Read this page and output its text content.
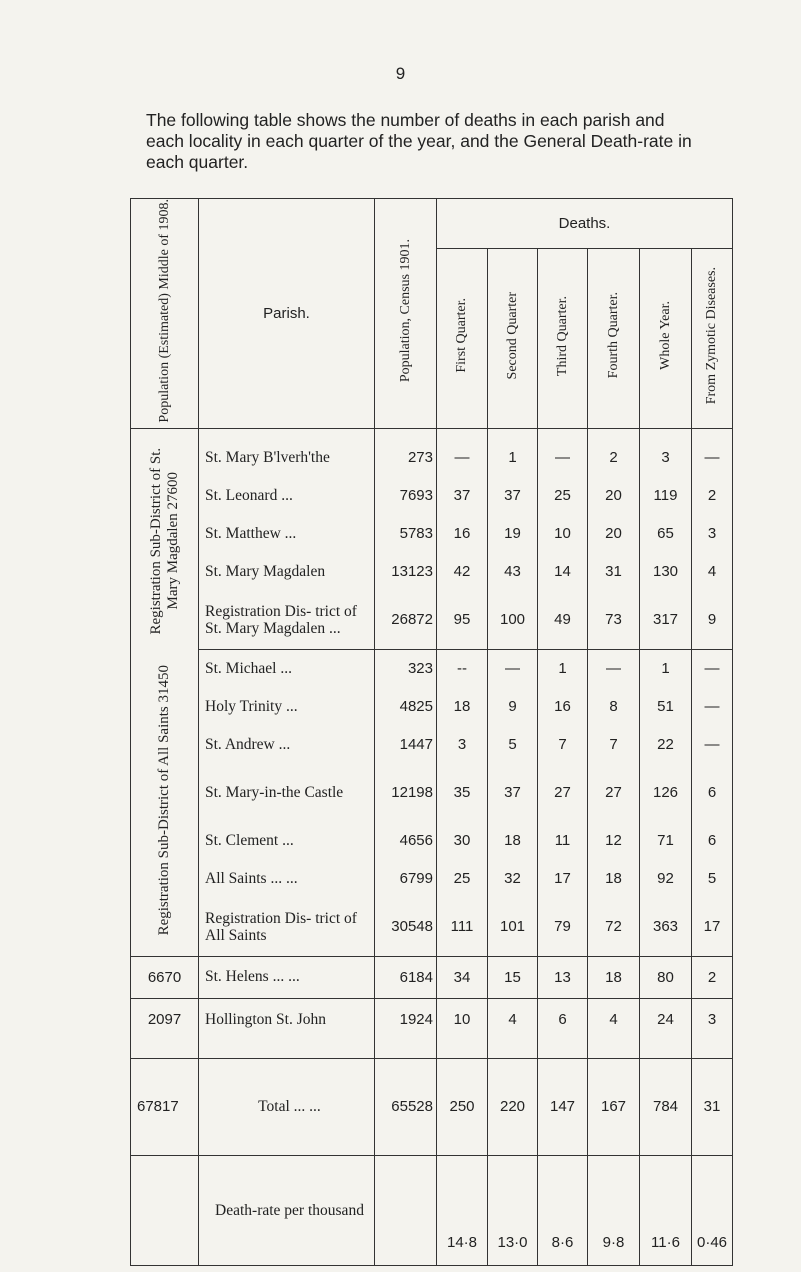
9
The following table shows the number of deaths in each parish and each locality in each quarter of the year, and the General Death-rate in each quarter.
Population (Estimated) Middle of 1908.	Parish.	Population, Census 1901.	Deaths.					
			First Quarter.	Second Quarter	Third Quarter.	Fourth Quarter.	Whole Year.	From Zymotic Diseases.

Registration Sub-District of St. Mary Magdalen 27600	St. Mary B'lverh'the	273	—	1	—	2	3	—
	St. Leonard ...	7693	37	37	25	20	119	2
	St. Matthew ...	5783	16	19	10	20	65	3
	St. Mary Magdalen	13123	42	43	14	31	130	4
	Registration Dis- trict of St. Mary Magdalen ...	26872	95	100	49	73	317	9
Registration Sub-District of All Saints 31450	St. Michael ...	323	--	—	1	—	1	—
	Holy Trinity ...	4825	18	9	16	8	51	—
	St. Andrew ...	1447	3	5	7	7	22	—
	St. Mary-in-the Castle	12198	35	37	27	27	126	6
	St. Clement ...	4656	30	18	11	12	71	6
	All Saints ... ...	6799	25	32	17	18	92	5
	Registration Dis- trict of All Saints	30548	111	101	79	72	363	17
6670	St. Helens ... ...	6184	34	15	13	18	80	2
2097	Hollington St. John	1924	10	4	6	4	24	3
67817	Total ... ...	65528	250	220	147	167	784	31
	Death-rate per thousand		14·8	13·0	8·6	9·8	11·6	0·46
